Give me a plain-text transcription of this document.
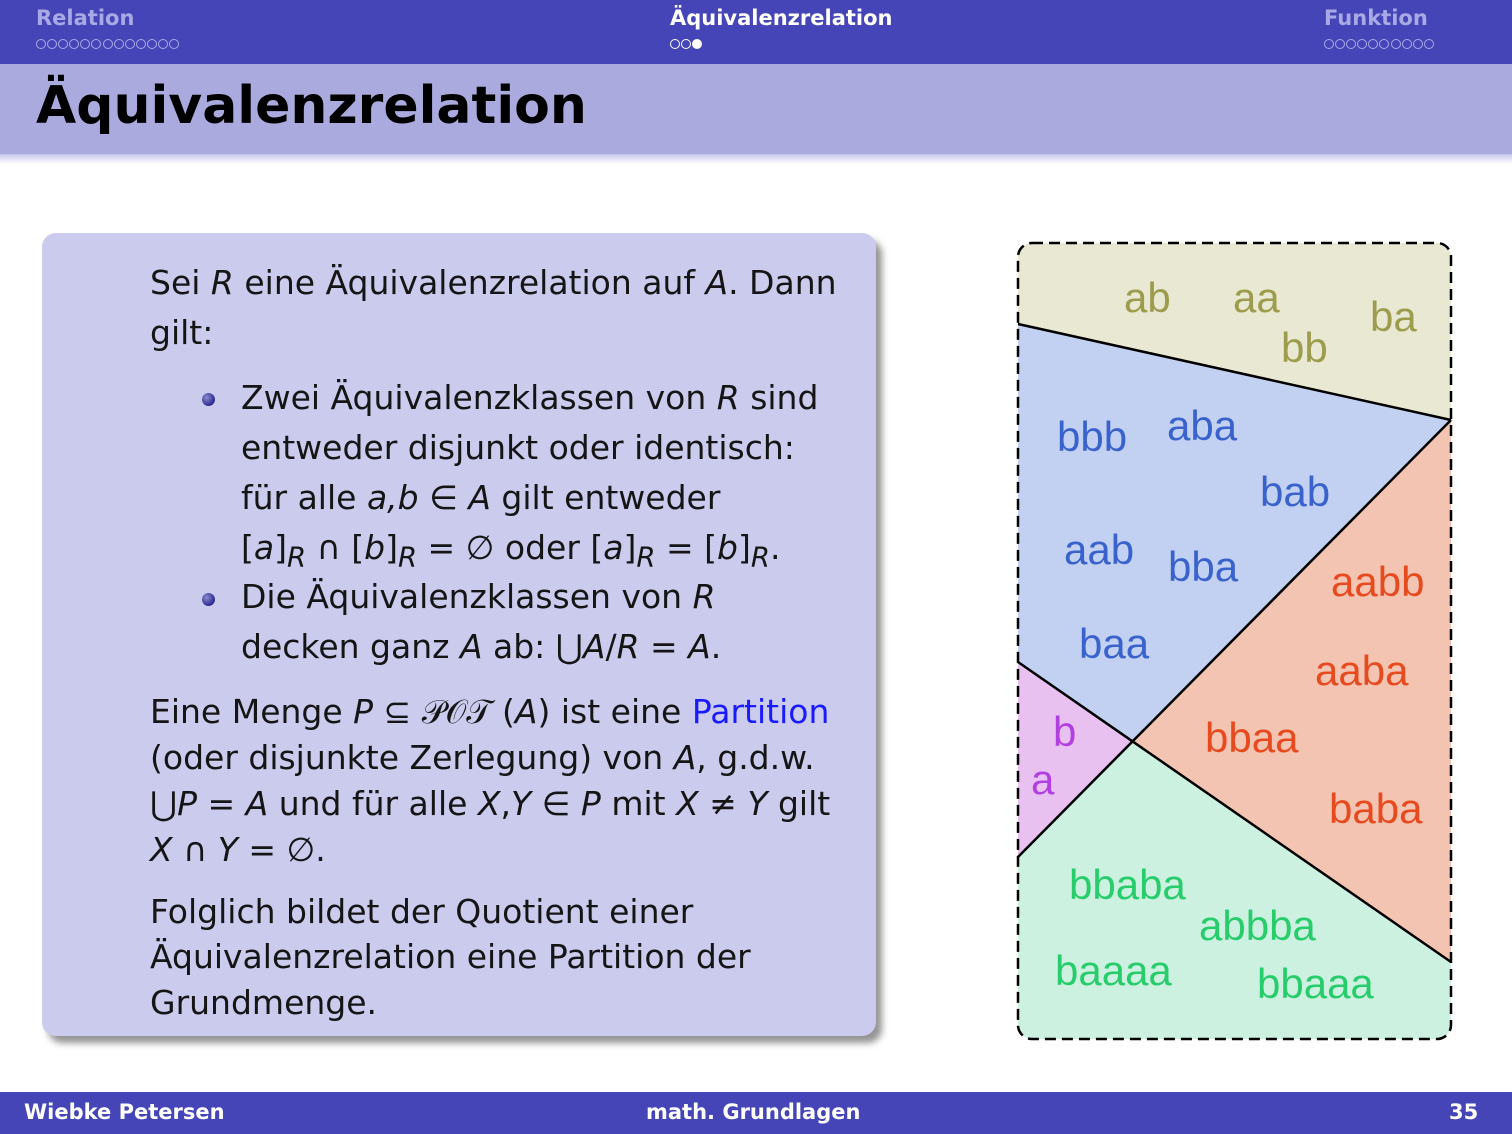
Relation	Äquivalenzrelation	Funktion
Äquivalenzrelation
Sei R eine Äquivalenzrelation auf A. Dann
gilt:
Zwei Äquivalenzklassen von R sind
entweder disjunkt oder identisch:
für alle a,b ∈ A gilt entweder
$[a]_R$ ∩ $[b]_R$ = ∅ oder $[a]_R = [b]_R$.
Die Äquivalenzklassen von R
decken ganz A ab: ⋃A/R = A.
Eine Menge P ⊆ 𝒫𝒪𝒯 (A) ist eine Partition
(oder disjunkte Zerlegung) von A, g.d.w.
⋃P = A und für alle X,Y ∈ P mit X ≠ Y gilt
X ∩ Y = ∅.
Folglich bildet der Quotient einer
Äquivalenzrelation eine Partition der
Grundmenge.
ab aa ba
bb
bbb aba
bab
aab bba
baa
aabb
aaba
bbaa
baba
b
a
bbaba
abbba
baaaa bbaaa
Wiebke Petersen	math. Grundlagen	35
